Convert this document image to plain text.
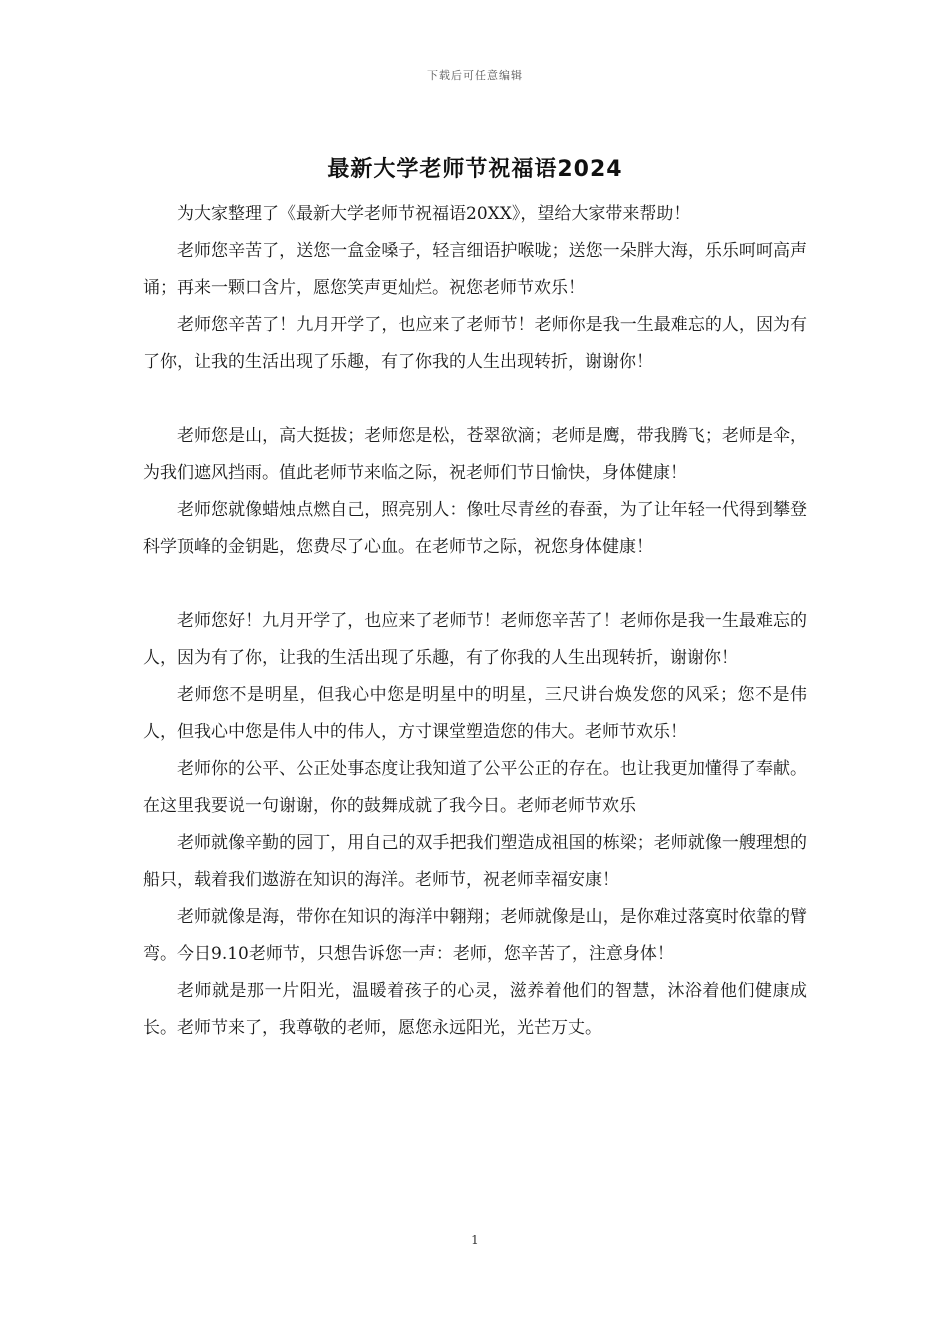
下载后可任意编辑
最新大学老师节祝福语2024

为大家整理了《最新大学老师节祝福语20XX》，望给大家带来帮助！

老师您辛苦了，送您一盒金嗓子，轻言细语护喉咙；送您一朵胖大海，乐乐呵呵高声诵；再来一颗口含片，愿您笑声更灿烂。祝您老师节欢乐！

老师您辛苦了！九月开学了，也应来了老师节！老师你是我一生最难忘的人，因为有了你，让我的生活出现了乐趣，有了你我的人生出现转折，谢谢你！

老师您是山，高大挺拔；老师您是松，苍翠欲滴；老师是鹰，带我腾飞；老师是伞，为我们遮风挡雨。值此老师节来临之际，祝老师们节日愉快，身体健康！

老师您就像蜡烛点燃自己，照亮别人：像吐尽青丝的春蚕，为了让年轻一代得到攀登科学顶峰的金钥匙，您费尽了心血。在老师节之际，祝您身体健康！

老师您好！九月开学了，也应来了老师节！老师您辛苦了！老师你是我一生最难忘的人，因为有了你，让我的生活出现了乐趣，有了你我的人生出现转折，谢谢你！

老师您不是明星，但我心中您是明星中的明星，三尺讲台焕发您的风采；您不是伟人，但我心中您是伟人中的伟人，方寸课堂塑造您的伟大。老师节欢乐！

老师你的公平、公正处事态度让我知道了公平公正的存在。也让我更加懂得了奉献。在这里我要说一句谢谢，你的鼓舞成就了我今日。老师老师节欢乐

老师就像辛勤的园丁，用自己的双手把我们塑造成祖国的栋梁；老师就像一艘理想的船只，载着我们遨游在知识的海洋。老师节，祝老师幸福安康！

老师就像是海，带你在知识的海洋中翱翔；老师就像是山，是你难过落寞时依靠的臂弯。今日9.10老师节，只想告诉您一声：老师，您辛苦了，注意身体！

老师就是那一片阳光，温暖着孩子的心灵，滋养着他们的智慧，沐浴着他们健康成长。老师节来了，我尊敬的老师，愿您永远阳光，光芒万丈。

1
